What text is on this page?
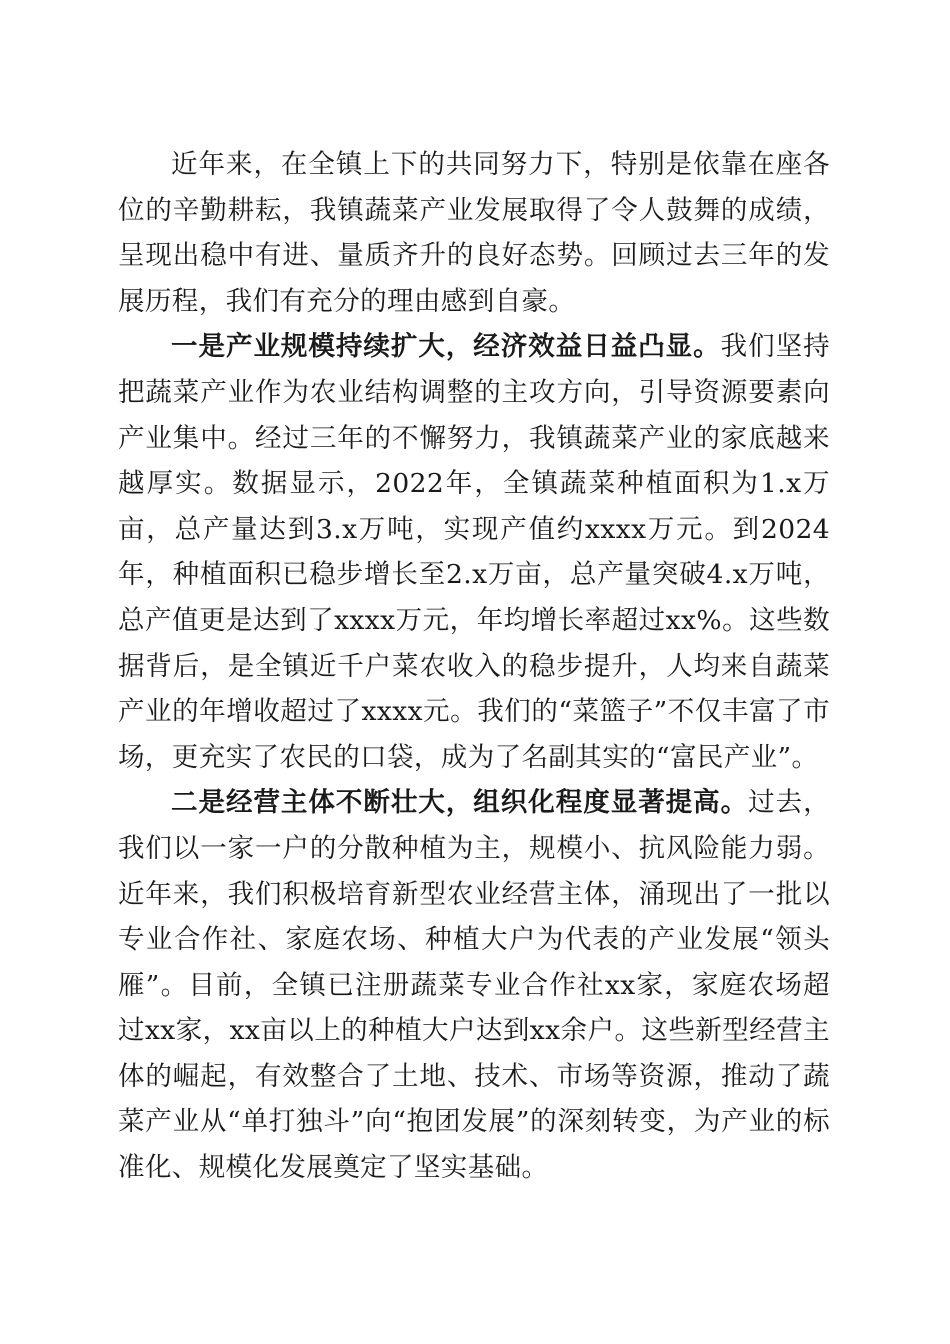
近年来，在全镇上下的共同努力下，特别是依靠在座各位的辛勤耕耘，我镇蔬菜产业发展取得了令人鼓舞的成绩，呈现出稳中有进、量质齐升的良好态势。回顾过去三年的发展历程，我们有充分的理由感到自豪。

一是产业规模持续扩大，经济效益日益凸显。我们坚持把蔬菜产业作为农业结构调整的主攻方向，引导资源要素向产业集中。经过三年的不懈努力，我镇蔬菜产业的家底越来越厚实。数据显示，2022年，全镇蔬菜种植面积为1.x万亩，总产量达到3.x万吨，实现产值约xxxx万元。到2024年，种植面积已稳步增长至2.x万亩，总产量突破4.x万吨，总产值更是达到了xxxx万元，年均增长率超过xx%。这些数据背后，是全镇近千户菜农收入的稳步提升，人均来自蔬菜产业的年增收超过了xxxx元。我们的“菜篮子”不仅丰富了市场，更充实了农民的口袋，成为了名副其实的“富民产业”。

二是经营主体不断壮大，组织化程度显著提高。过去，我们以一家一户的分散种植为主，规模小、抗风险能力弱。近年来，我们积极培育新型农业经营主体，涌现出了一批以专业合作社、家庭农场、种植大户为代表的产业发展“领头雁”。目前，全镇已注册蔬菜专业合作社xx家，家庭农场超过xx家，xx亩以上的种植大户达到xx余户。这些新型经营主体的崛起，有效整合了土地、技术、市场等资源，推动了蔬菜产业从“单打独斗”向“抱团发展”的深刻转变，为产业的标准化、规模化发展奠定了坚实基础。
